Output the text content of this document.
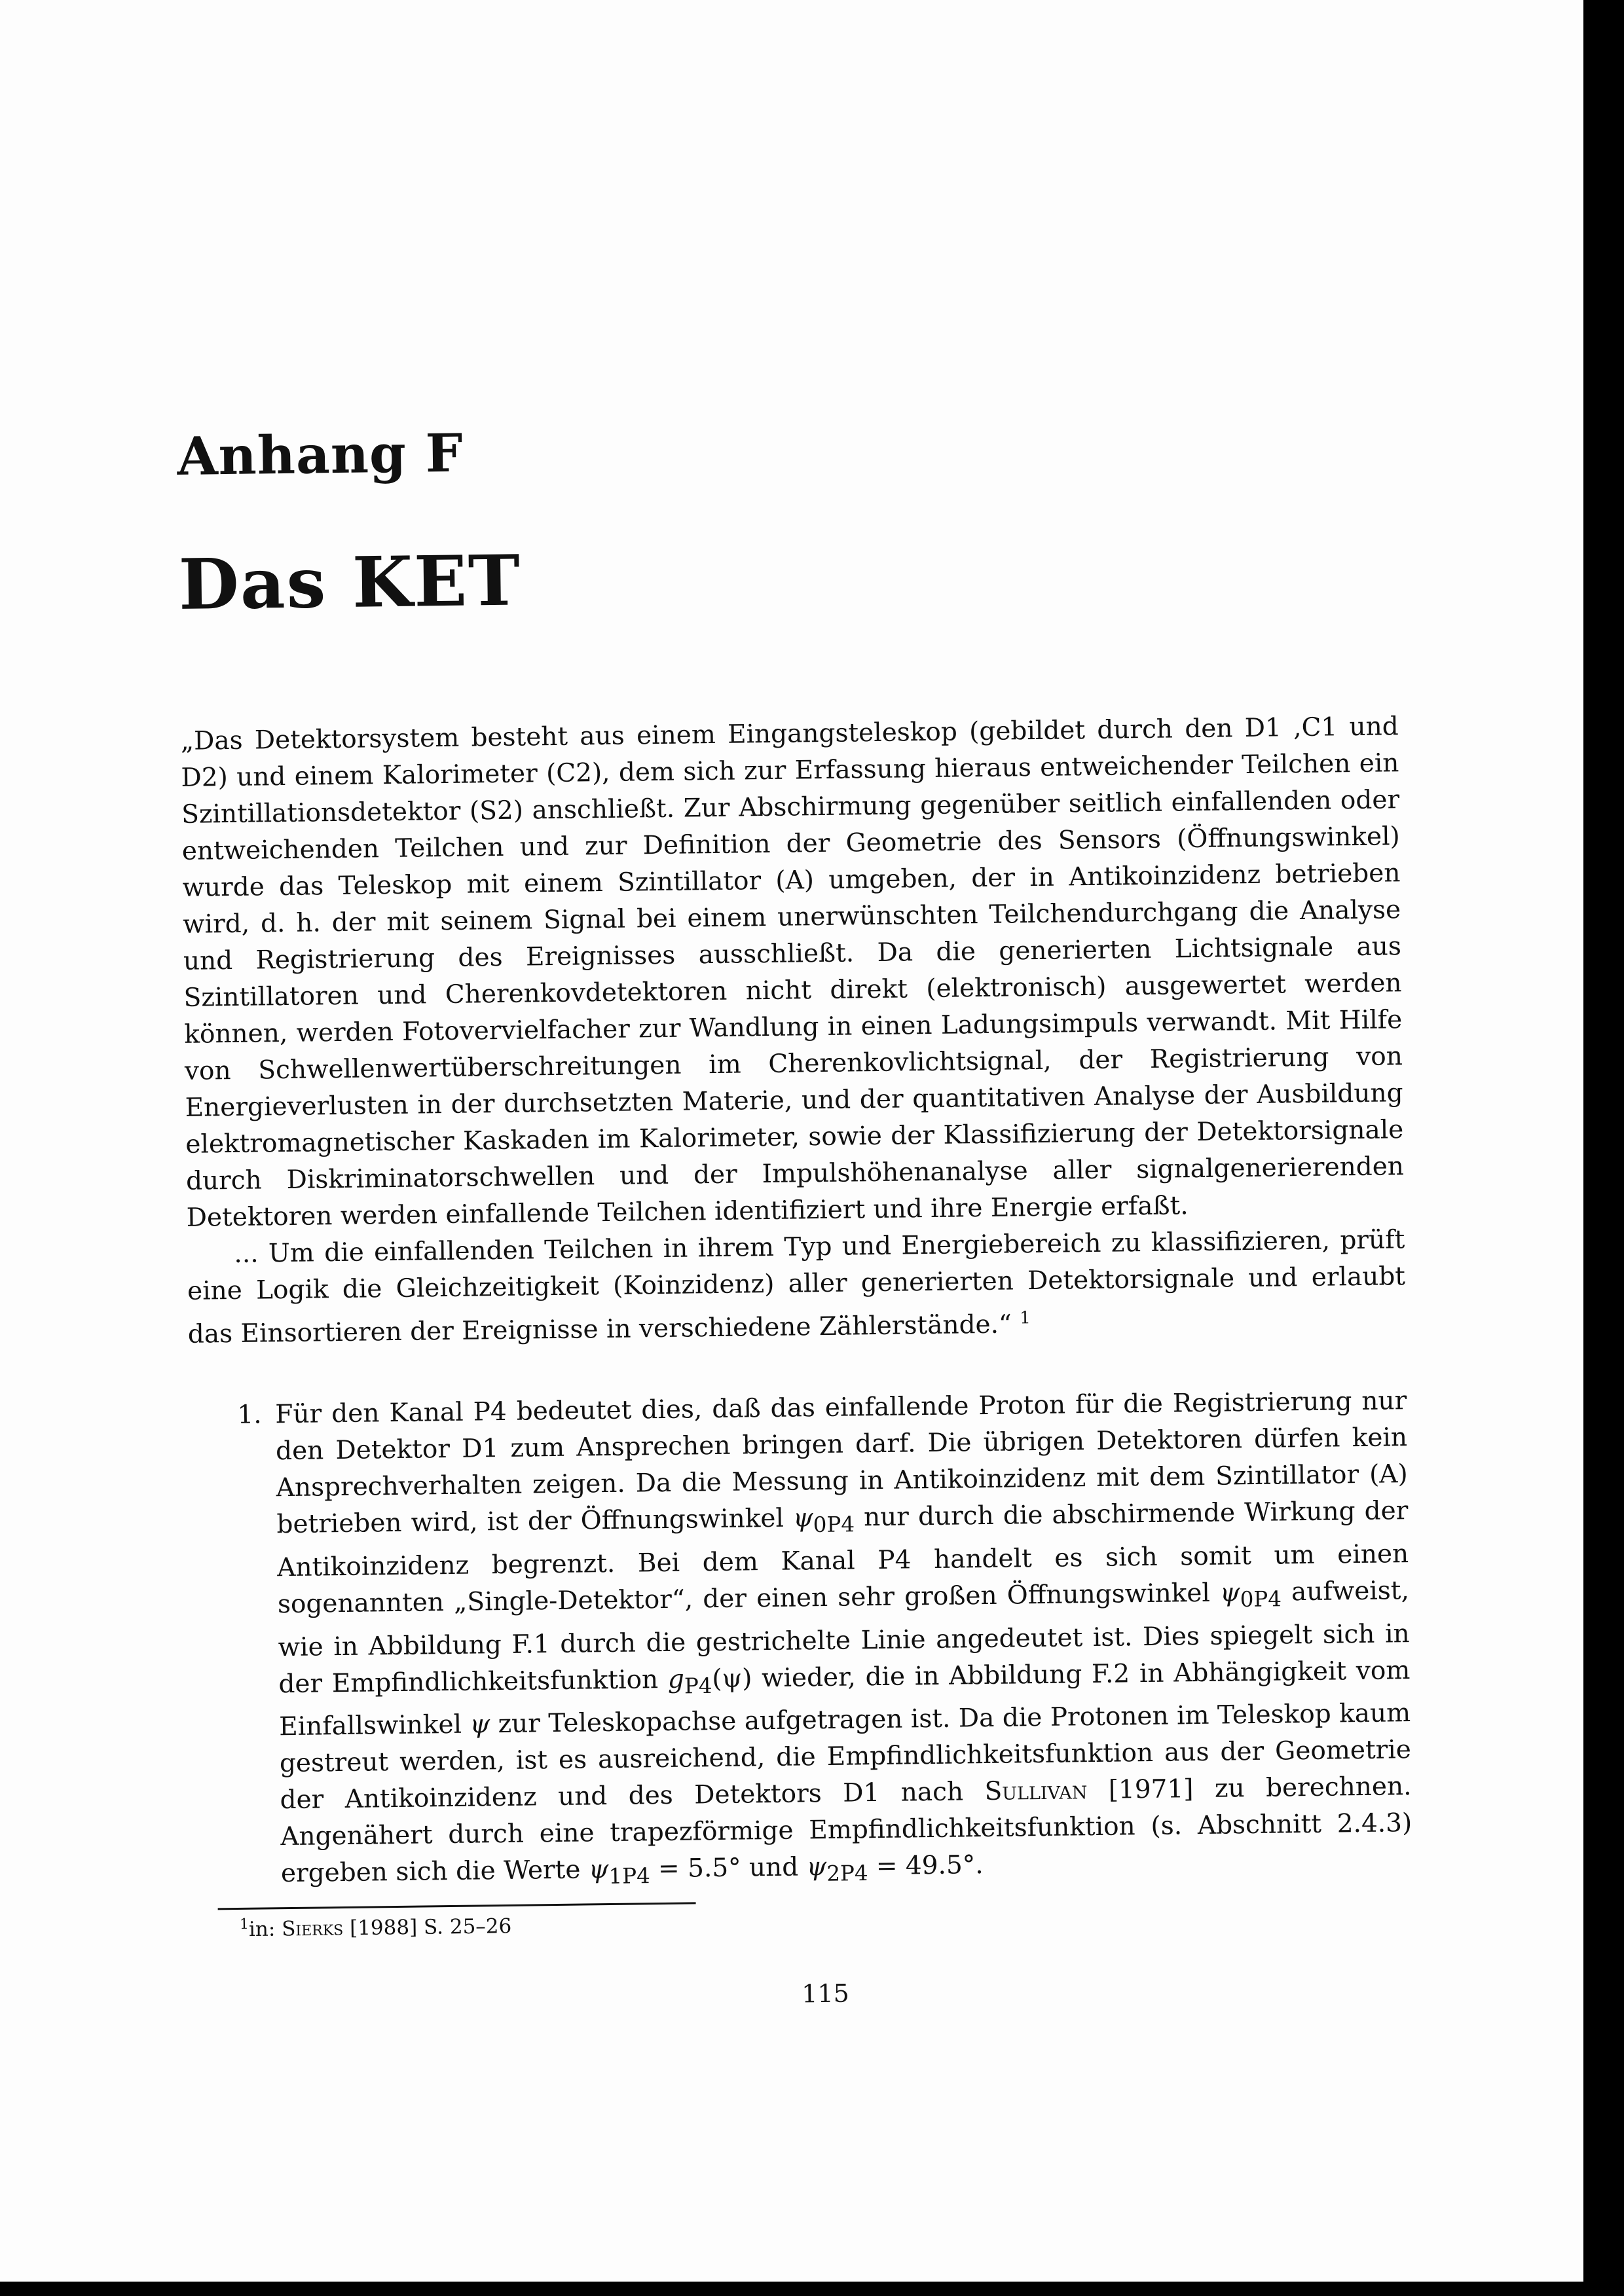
Anhang F
Das KET

„Das Detektorsystem besteht aus einem Eingangsteleskop (gebildet durch den D1 ,C1 und D2) und einem Kalorimeter (C2), dem sich zur Erfassung hieraus entweichender Teilchen ein Szintillationsdetektor (S2) anschließt. Zur Abschirmung gegenüber seitlich einfallenden oder entweichenden Teilchen und zur Definition der Geometrie des Sensors (Öffnungswinkel) wurde das Teleskop mit einem Szintillator (A) umgeben, der in Antikoinzidenz betrieben wird, d. h. der mit seinem Signal bei einem unerwünschten Teilchendurchgang die Analyse und Registrierung des Ereignisses ausschließt. Da die generierten Lichtsignale aus Szintillatoren und Cherenkovdetektoren nicht direkt (elektronisch) ausgewertet werden können, werden Fotovervielfacher zur Wandlung in einen Ladungsimpuls verwandt. Mit Hilfe von Schwellenwertüberschreitungen im Cherenkovlichtsignal, der Registrierung von Energieverlusten in der durchsetzten Materie, und der quantitativen Analyse der Ausbildung elektromagnetischer Kaskaden im Kalorimeter, sowie der Klassifizierung der Detektorsignale durch Diskriminatorschwellen und der Impulshöhenanalyse aller signalgenerierenden Detektoren werden einfallende Teilchen identifiziert und ihre Energie erfaßt.

... Um die einfallenden Teilchen in ihrem Typ und Energiebereich zu klassifizieren, prüft eine Logik die Gleichzeitigkeit (Koinzidenz) aller generierten Detektorsignale und erlaubt das Einsortieren der Ereignisse in verschiedene Zählerstände.“ $^1$

1. Für den Kanal P4 bedeutet dies, daß das einfallende Proton für die Registrierung nur den Detektor D1 zum Ansprechen bringen darf. Die übrigen Detektoren dürfen kein Ansprechverhalten zeigen. Da die Messung in Antikoinzidenz mit dem Szintillator (A) betrieben wird, ist der Öffnungswinkel $\psi_{0P4}$ nur durch die abschirmende Wirkung der Antikoinzidenz begrenzt. Bei dem Kanal P4 handelt es sich somit um einen sogenannten „Single-Detektor“, der einen sehr großen Öffnungswinkel $\psi_{0P4}$ aufweist, wie in Abbildung F.1 durch die gestrichelte Linie angedeutet ist. Dies spiegelt sich in der Empfindlichkeitsfunktion $g_{P4}(\psi)$ wieder, die in Abbildung F.2 in Abhängigkeit vom Einfallswinkel ψ zur Teleskopachse aufgetragen ist. Da die Protonen im Teleskop kaum gestreut werden, ist es ausreichend, die Empfindlichkeitsfunktion aus der Geometrie der Antikoinzidenz und des Detektors D1 nach Sullivan [1971] zu berechnen. Angenähert durch eine trapezförmige Empfindlichkeitsfunktion (s. Abschnitt 2.4.3) ergeben sich die Werte $\psi_{1P4} = 5.5^\circ$ und $\psi_{2P4} = 49.5^\circ$.
$^1$in: Sierks [1988] S. 25–26
115
